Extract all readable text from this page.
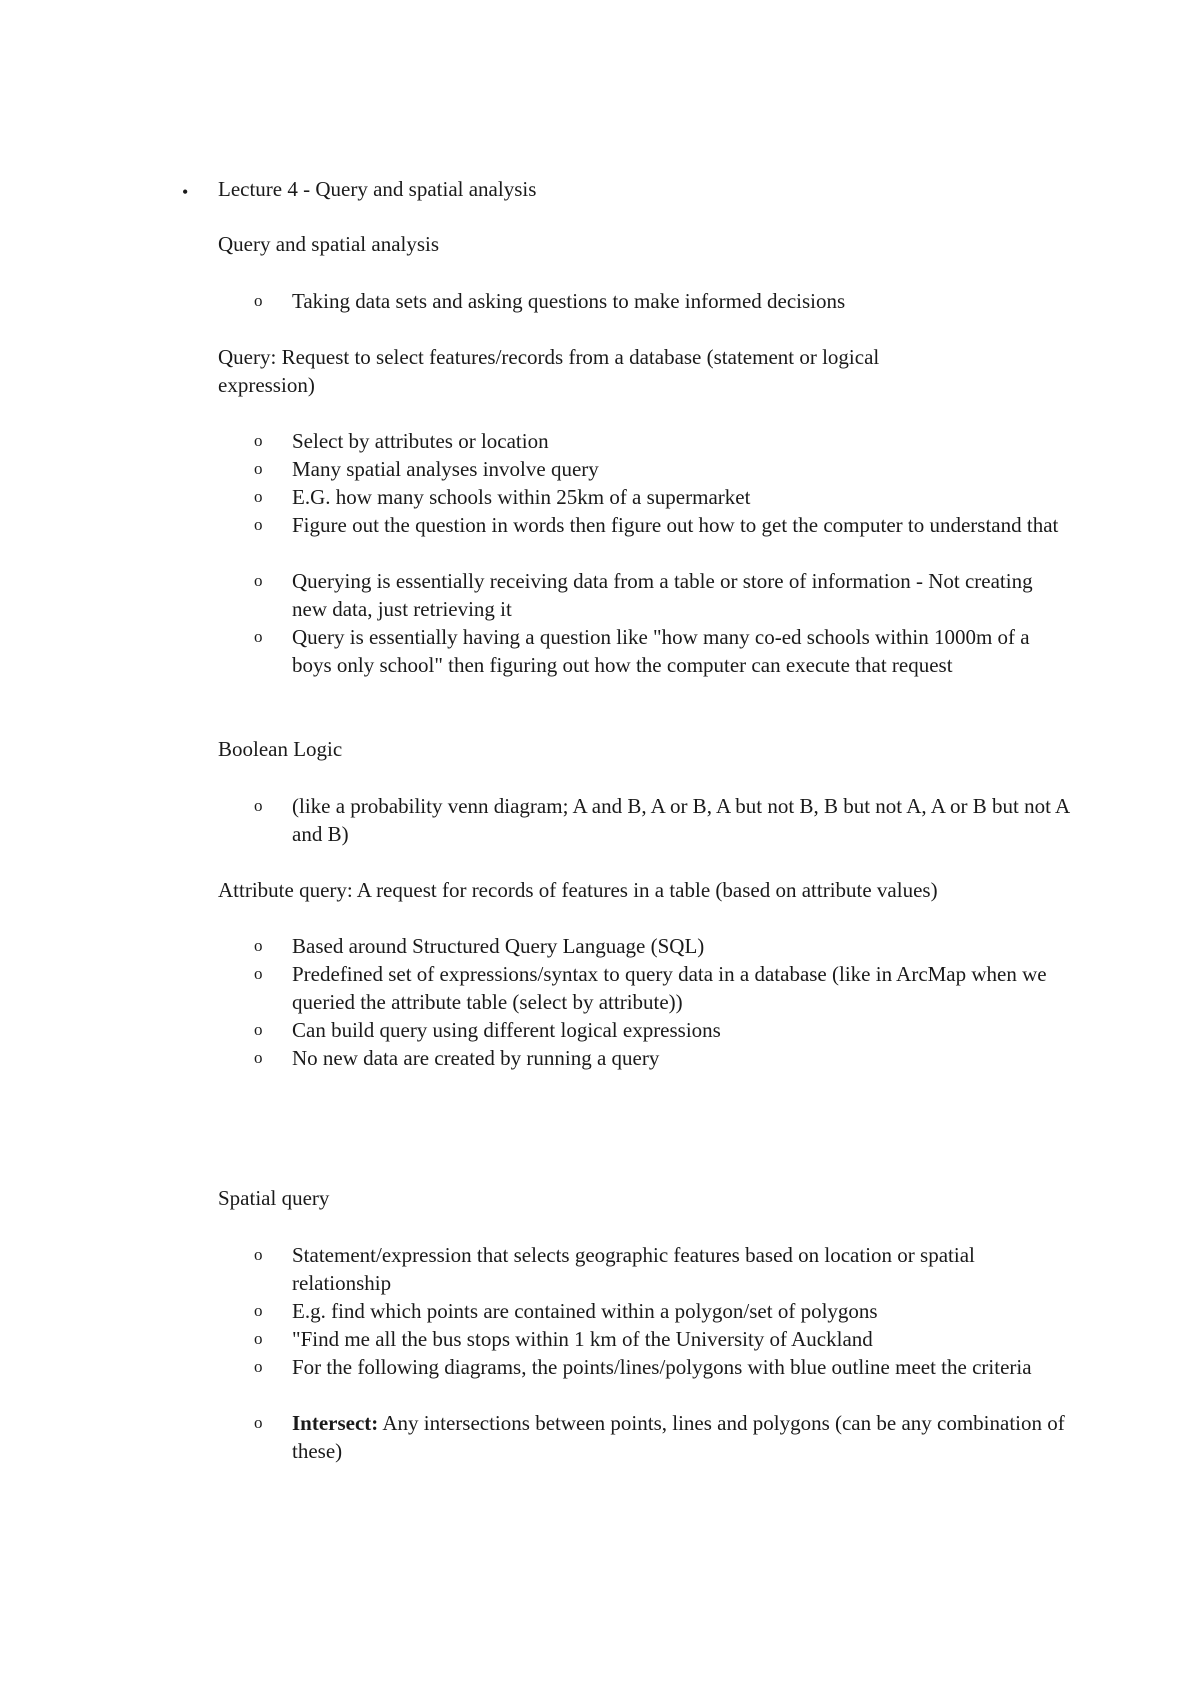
• Lecture 4 - Query and spatial analysis
Query and spatial analysis
o Taking data sets and asking questions to make informed decisions
Query: Request to select features/records from a database (statement or logical
expression)
o Select by attributes or location
o Many spatial analyses involve query
o E.G. how many schools within 25km of a supermarket
o Figure out the question in words then figure out how to get the computer to understand that
o Querying is essentially receiving data from a table or store of information - Not creating new data, just retrieving it
o Query is essentially having a question like "how many co-ed schools within 1000m of a boys only school" then figuring out how the computer can execute that request
Boolean Logic
o (like a probability venn diagram; A and B, A or B, A but not B, B but not A, A or B but not A and B)
Attribute query: A request for records of features in a table (based on attribute values)
o Based around Structured Query Language (SQL)
o Predefined set of expressions/syntax to query data in a database (like in ArcMap when we queried the attribute table (select by attribute))
o Can build query using different logical expressions
o No new data are created by running a query
Spatial query
o Statement/expression that selects geographic features based on location or spatial relationship
o E.g. find which points are contained within a polygon/set of polygons
o "Find me all the bus stops within 1 km of the University of Auckland
o For the following diagrams, the points/lines/polygons with blue outline meet the criteria
o Intersect: Any intersections between points, lines and polygons (can be any combination of these)
